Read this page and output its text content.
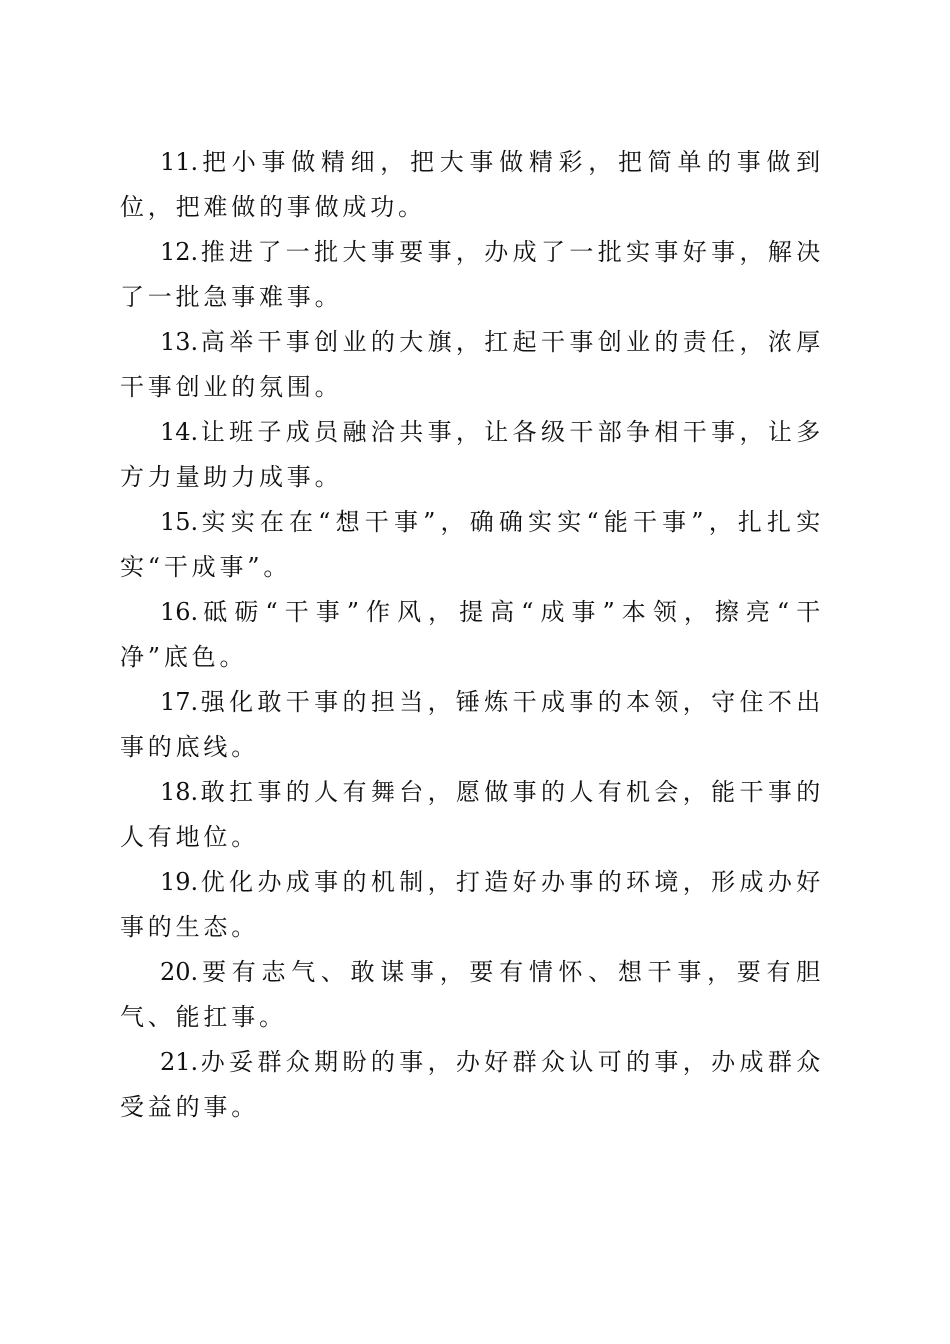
11.把小事做精细，把大事做精彩，把简单的事做到位，把难做的事做成功。

12.推进了一批大事要事，办成了一批实事好事，解决了一批急事难事。

13.高举干事创业的大旗，扛起干事创业的责任，浓厚干事创业的氛围。

14.让班子成员融洽共事，让各级干部争相干事，让多方力量助力成事。

15.实实在在“想干事”，确确实实“能干事”，扎扎实实“干成事”。

16.砥砺“干事”作风，提高“成事”本领，擦亮“干净”底色。

17.强化敢干事的担当，锤炼干成事的本领，守住不出事的底线。

18.敢扛事的人有舞台，愿做事的人有机会，能干事的人有地位。

19.优化办成事的机制，打造好办事的环境，形成办好事的生态。

20.要有志气、敢谋事，要有情怀、想干事，要有胆气、能扛事。

21.办妥群众期盼的事，办好群众认可的事，办成群众受益的事。
